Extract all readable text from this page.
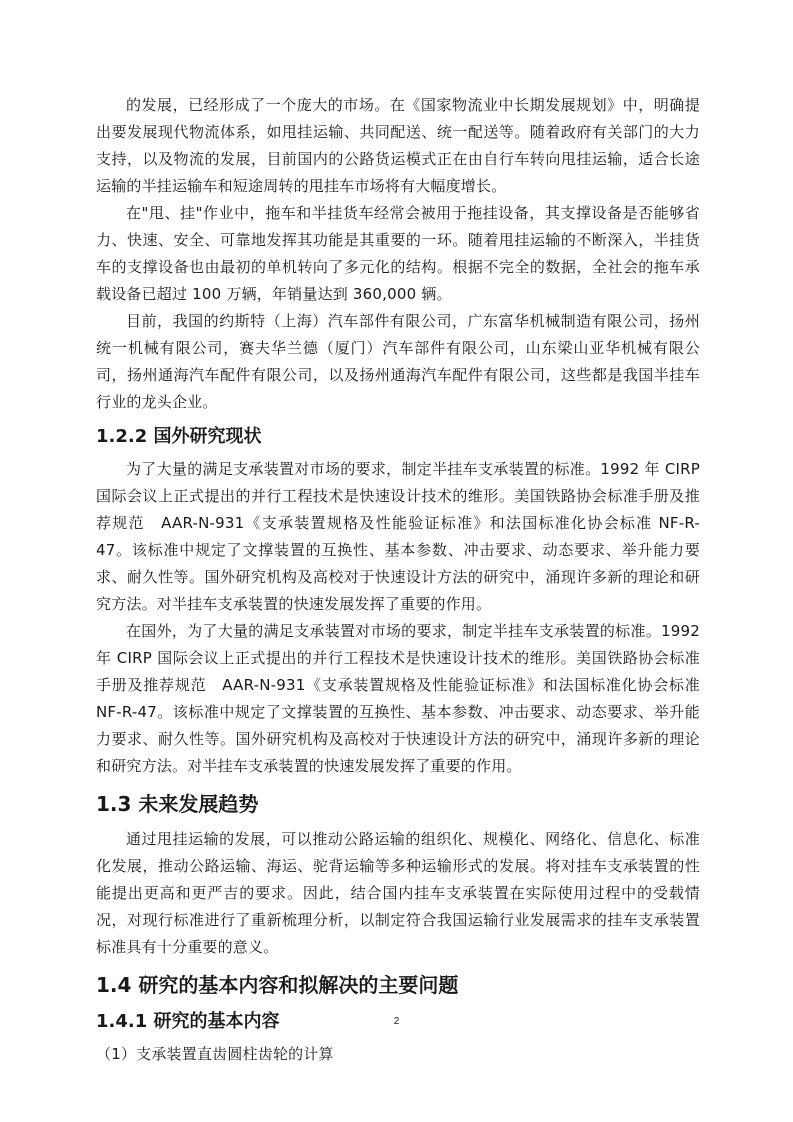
的发展，已经形成了一个庞大的市场。在《国家物流业中长期发展规划》中，明确提出要发展现代物流体系，如甩挂运输、共同配送、统一配送等。随着政府有关部门的大力支持，以及物流的发展，目前国内的公路货运模式正在由自行车转向甩挂运输，适合长途运输的半挂运输车和短途周转的甩挂车市场将有大幅度增长。

在"甩、挂"作业中，拖车和半挂货车经常会被用于拖挂设备，其支撑设备是否能够省力、快速、安全、可靠地发挥其功能是其重要的一环。随着甩挂运输的不断深入，半挂货车的支撑设备也由最初的单机转向了多元化的结构。根据不完全的数据，全社会的拖车承载设备已超过 100 万辆，年销量达到 360,000 辆。

目前，我国的约斯特（上海）汽车部件有限公司，广东富华机械制造有限公司，扬州统一机械有限公司，赛夫华兰德（厦门）汽车部件有限公司，山东梁山亚华机械有限公司，扬州通海汽车配件有限公司，以及扬州通海汽车配件有限公司，这些都是我国半挂车行业的龙头企业。

1.2.2 国外研究现状

为了大量的满足支承装置对市场的要求，制定半挂车支承装置的标准。1992 年 CIRP 国际会议上正式提出的并行工程技术是快速设计技术的维形。美国铁路协会标准手册及推荐规范　AAR-N-931《支承装置规格及性能验证标准》和法国标准化协会标准 NF-R-47。该标准中规定了文撑装置的互换性、基本参数、冲击要求、动态要求、举升能力要求、耐久性等。国外研究机构及高校对于快速设计方法的研究中，涌现许多新的理论和研究方法。对半挂车支承装置的快速发展发挥了重要的作用。

在国外，为了大量的满足支承装置对市场的要求，制定半挂车支承装置的标准。1992 年 CIRP 国际会议上正式提出的并行工程技术是快速设计技术的维形。美国铁路协会标准手册及推荐规范　AAR-N-931《支承装置规格及性能验证标准》和法国标准化协会标准 NF-R-47。该标准中规定了文撑装置的互换性、基本参数、冲击要求、动态要求、举升能力要求、耐久性等。国外研究机构及高校对于快速设计方法的研究中，涌现许多新的理论和研究方法。对半挂车支承装置的快速发展发挥了重要的作用。

1.3 未来发展趋势

通过甩挂运输的发展，可以推动公路运输的组织化、规模化、网络化、信息化、标准化发展，推动公路运输、海运、驼背运输等多种运输形式的发展。将对挂车支承装置的性能提出更高和更严吉的要求。因此，结合国内挂车支承装置在实际使用过程中的受载情况，对现行标准进行了重新梳理分析，以制定符合我国运输行业发展需求的挂车支承装置标准具有十分重要的意义。

1.4 研究的基本内容和拟解决的主要问题
1.4.1 研究的基本内容

（1）支承装置直齿圆柱齿轮的计算

2
